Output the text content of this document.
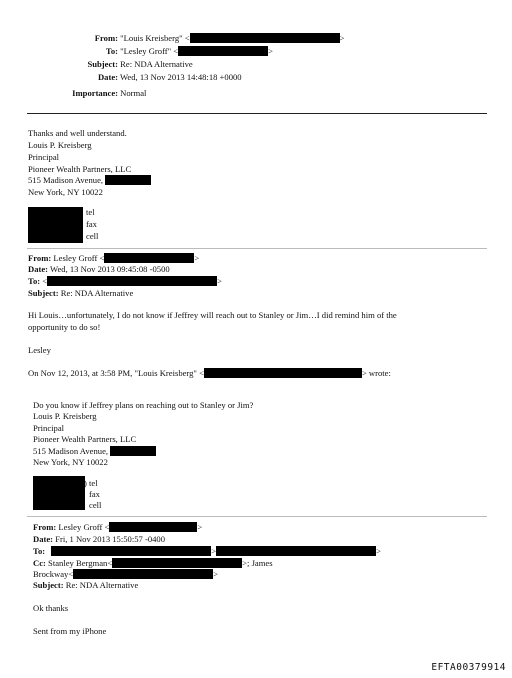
From: "Louis Kreisberg" <	>
To: "Lesley Groff" <	>
Subject: Re: NDA Alternative
Date: Wed, 13 Nov 2013 14:48:18 +0000
Importance: Normal
Thanks and well understand.
Louis P. Kreisberg
Principal
Pioneer Wealth Partners, LLC
515 Madison Avenue,
New York, NY 10022
tel
fax
cell
From: Lesley Groff <	>
Date: Wed, 13 Nov 2013 09:45:08 -0500
To: <	>
Subject: Re: NDA Alternative
Hi Louis…unfortunately, I do not know if Jeffrey will reach out to Stanley or Jim…I did remind him of the
opportunity to do so!
Lesley
On Nov 12, 2013, at 3:58 PM, "Louis Kreisberg" <	> wrote:
Do you know if Jeffrey plans on reaching out to Stanley or Jim?
Louis P. Kreisberg
Principal
Pioneer Wealth Partners, LLC
515 Madison Avenue,
New York, NY 10022
) tel
fax
cell
From: Lesley Groff <	>
Date: Fri, 1 Nov 2013 15:50:57 -0400
To:	>	>
Cc: Stanley Bergman<	>; James
Brockway<	>
Subject: Re: NDA Alternative
Ok thanks
Sent from my iPhone
EFTA00379914
